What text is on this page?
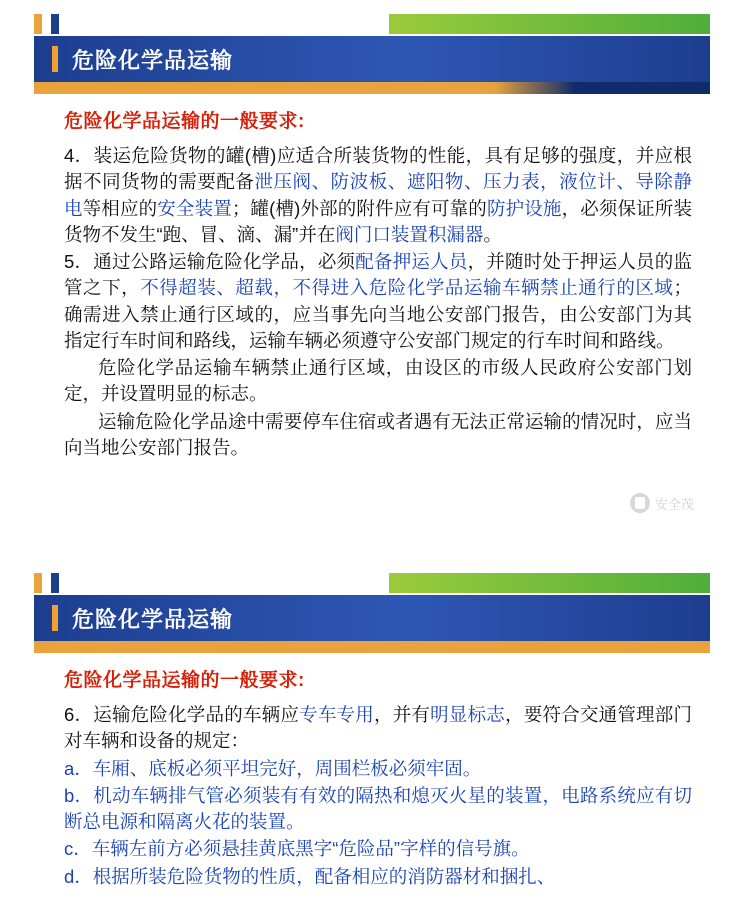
危险化学品运输
危险化学品运输的一般要求:
4．装运危险货物的罐(槽)应适合所装货物的性能，具有足够的强度，并应根据不同货物的需要配备泄压阀、防波板、遮阳物、压力表，液位计、导除静电等相应的安全装置；罐(槽)外部的附件应有可靠的防护设施，必须保证所装货物不发生“跑、冒、滴、漏”并在阀门口装置积漏器。
5．通过公路运输危险化学品，必须配备押运人员，并随时处于押运人员的监管之下，不得超装、超载，不得进入危险化学品运输车辆禁止通行的区域；确需进入禁止通行区域的，应当事先向当地公安部门报告，由公安部门为其指定行车时间和路线，运输车辆必须遵守公安部门规定的行车时间和路线。
危险化学品运输车辆禁止通行区域，由设区的市级人民政府公安部门划定，并设置明显的标志。
运输危险化学品途中需要停车住宿或者遇有无法正常运输的情况时，应当向当地公安部门报告。
安全茂
危险化学品运输
危险化学品运输的一般要求:
6．运输危险化学品的车辆应专车专用，并有明显标志，要符合交通管理部门对车辆和设备的规定：
a．车厢、底板必须平坦完好，周围栏板必须牢固。
b．机动车辆排气管必须装有有效的隔热和熄灭火星的装置，电路系统应有切断总电源和隔离火花的装置。
c．车辆左前方必须悬挂黄底黑字“危险品”字样的信号旗。
d．根据所装危险货物的性质，配备相应的消防器材和捆扎、
